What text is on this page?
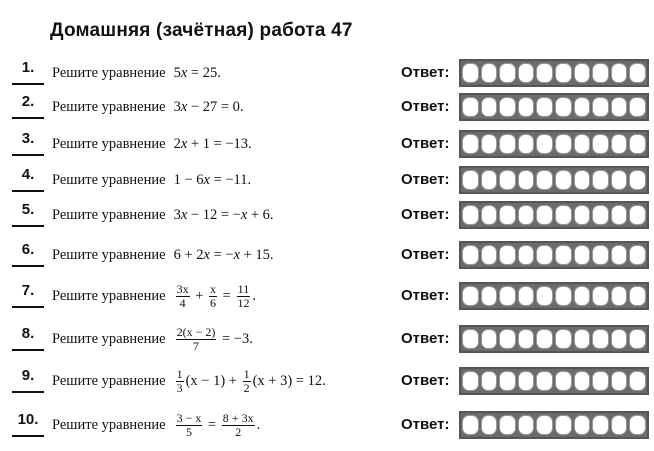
Домашняя (зачётная) работа 47
1.	Решите уравнение 5x = 25.	Ответ:
2.	Решите уравнение 3x − 27 = 0.	Ответ:
3.	Решите уравнение 2x + 1 = −13.	Ответ:
4.	Решите уравнение 1 − 6x = −11.	Ответ:
5.	Решите уравнение 3x − 12 = −x + 6.	Ответ:
6.	Решите уравнение 6 + 2x = −x + 15.	Ответ:
7.	Решите уравнение $\frac{3x}{4} + \frac{x}{6} = \frac{11}{12}$ .	Ответ:
8.	Решите уравнение $\frac{2(x - 2)}{7} = -3$.	Ответ:
9.	Решите уравнение $\frac{1}{3} (x - 1) + \frac{1}{2} (x + 3) = 12$.	Ответ:
10. Решите уравнение $\frac{3 - x}{5} = \frac{8 + 3x}{2}$ .	Ответ:
